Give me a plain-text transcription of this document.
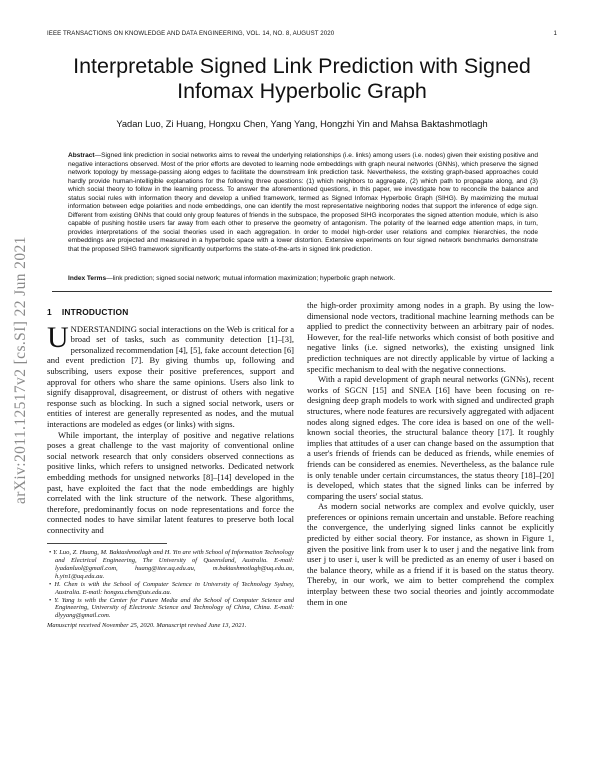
IEEE TRANSACTIONS ON KNOWLEDGE AND DATA ENGINEERING, VOL. 14, NO. 8, AUGUST 2020	1
arXiv:2011.12517v2 [cs.SI] 22 Jun 2021
Interpretable Signed Link Prediction with Signed Infomax Hyperbolic Graph
Yadan Luo, Zi Huang, Hongxu Chen, Yang Yang, Hongzhi Yin and Mahsa Baktashmotlagh
Abstract—Signed link prediction in social networks aims to reveal the underlying relationships (i.e. links) among users (i.e. nodes) given their existing positive and negative interactions observed. Most of the prior efforts are devoted to learning node embeddings with graph neural networks (GNNs), which preserve the signed network topology by message-passing along edges to facilitate the downstream link prediction task. Nevertheless, the existing graph-based approaches could hardly provide human-intelligible explanations for the following three questions: (1) which neighbors to aggregate, (2) which path to propagate along, and (3) which social theory to follow in the learning process. To answer the aforementioned questions, in this paper, we investigate how to reconcile the balance and status social rules with information theory and develop a unified framework, termed as Signed Infomax Hyperbolic Graph (SIHG). By maximizing the mutual information between edge polarities and node embeddings, one can identify the most representative neighboring nodes that support the inference of edge sign. Different from existing GNNs that could only group features of friends in the subspace, the proposed SIHG incorporates the signed attention module, which is also capable of pushing hostile users far away from each other to preserve the geometry of antagonism. The polarity of the learned edge attention maps, in turn, provides interpretations of the social theories used in each aggregation. In order to model high-order user relations and complex hierarchies, the node embeddings are projected and measured in a hyperbolic space with a lower distortion. Extensive experiments on four signed network benchmarks demonstrate that the proposed SIHG framework significantly outperforms the state-of-the-arts in signed link prediction.
Index Terms—link prediction; signed social network; mutual information maximization; hyperbolic graph network.
1 INTRODUCTION

UNDERSTANDING social interactions on the Web is critical for a broad set of tasks, such as community detection [1]–[3], personalized recommendation [4], [5], fake account detection [6] and event prediction [7]. By giving thumbs up, following and subscribing, users expose their positive preferences, support and approval for others who share the same opinions. Users also link to signify disapproval, disagreement, or distrust of others with negative response such as blocking. In such a signed social network, users or entities of interest are generally represented as nodes, and the mutual interactions are modeled as edges (or links) with signs.

While important, the interplay of positive and negative relations poses a great challenge to the vast majority of conventional online social network research that only considers observed connections as positive links, which refers to unsigned networks. Dedicated network embedding methods for unsigned networks [8]–[14] developed in the past, have exploited the fact that the node embeddings are highly correlated with the link structure of the network. These algorithms, therefore, predominantly focus on node representations and force the connected nodes to have similar latent features to preserve both local connectivity and

• Y. Luo, Z. Huang, M. Baktashmotlagh and H. Yin are with School of Information Technology and Electrical Engineering, The University of Queensland, Australia. E-mail: lyadanluol@gmail.com, huang@itee.uq.edu.au, m.baktashmotlagh@uq.edu.au, h.yin1@uq.edu.au.

• H. Chen is with the School of Computer Science in University of Technology Sydney, Australia. E-mail: hongxu.chen@uts.edu.au.

• Y. Yang is with the Center for Future Media and the School of Computer Science and Engineering, University of Electronic Science and Technology of China, China. E-mail: dlyyang@gmail.com.

Manuscript received November 25, 2020. Manuscript revised June 13, 2021.

the high-order proximity among nodes in a graph. By using the low-dimensional node vectors, traditional machine learning methods can be applied to predict the connectivity between an arbitrary pair of nodes. However, for the real-life networks which consist of both positive and negative links (i.e. signed networks), the existing unsigned link prediction techniques are not directly applicable by virtue of lacking a specific mechanism to deal with the negative connections.

With a rapid development of graph neural networks (GNNs), recent works of SGCN [15] and SNEA [16] have been focusing on re-designing deep graph models to work with signed and undirected graph structures, where node features are recursively aggregated with adjacent nodes along signed edges. The core idea is based on one of the well-known social theories, the structural balance theory [17]. It roughly implies that attitudes of a user can change based on the assumption that a user's friends of friends can be deduced as friends, while enemies of friends can be considered as enemies. Nevertheless, as the balance rule is only tenable under certain circumstances, the status theory [18]–[20] is developed, which states that the signed links can be inferred by comparing the users' social status.

As modern social networks are complex and evolve quickly, user preferences or opinions remain uncertain and unstable. Before reaching the convergence, the underlying signed links cannot be explicitly predicted by either social theory. For instance, as shown in Figure 1, given the positive link from user k to user j and the negative link from user j to user i, user k will be predicted as an enemy of user i based on the balance theory, while as a friend if it is based on the status theory. Thereby, in our work, we aim to better comprehend the complex interplay between these two social theories and jointly accommodate them in one
